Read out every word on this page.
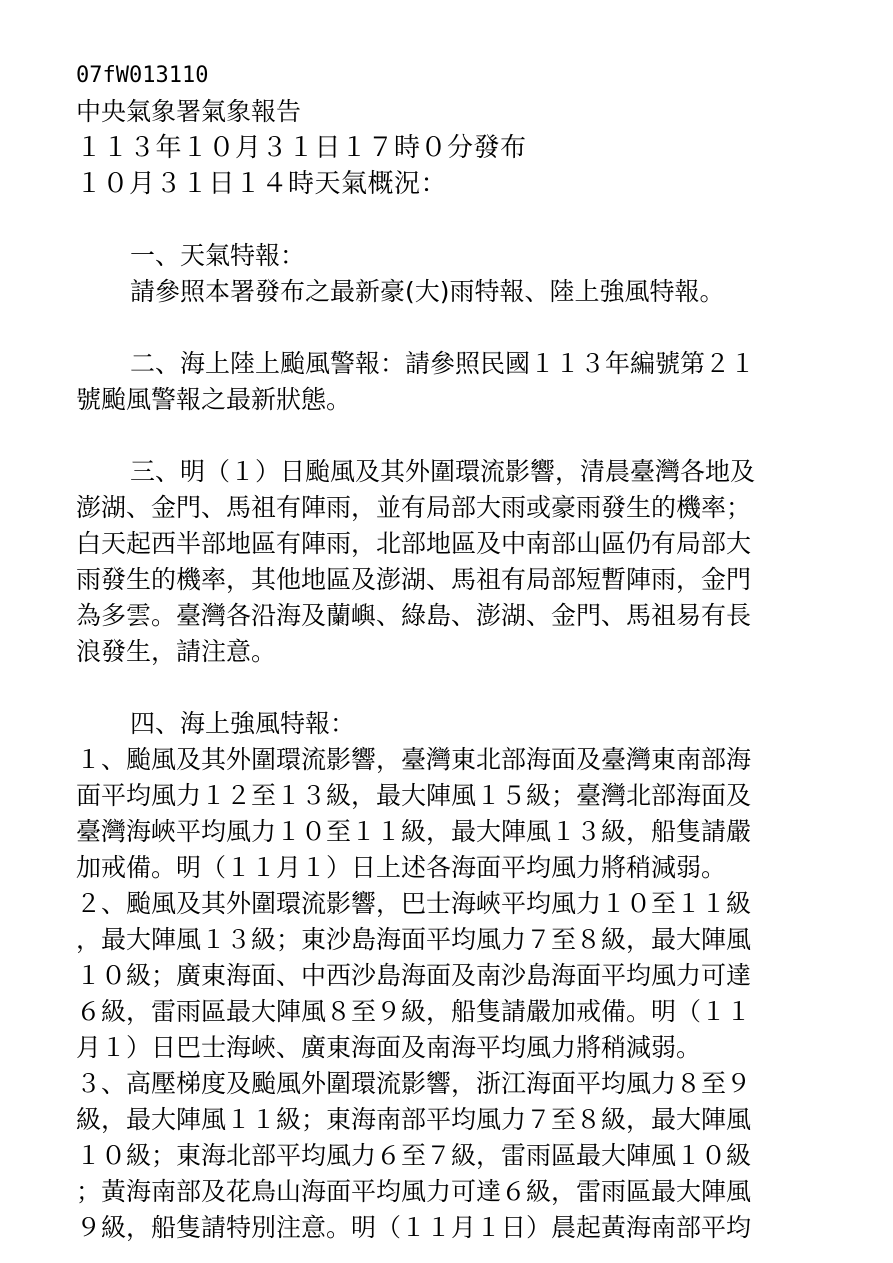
07fW013110
中央氣象署氣象報告
１１３年１０月３１日１７時０分發布
１０月３１日１４時天氣概況：
一、天氣特報：
請參照本署發布之最新豪(大)雨特報、陸上強風特報。
二、海上陸上颱風警報：請參照民國１１３年編號第２１
號颱風警報之最新狀態。
三、明（１）日颱風及其外圍環流影響，清晨臺灣各地及
澎湖、金門、馬祖有陣雨，並有局部大雨或豪雨發生的機率；
白天起西半部地區有陣雨，北部地區及中南部山區仍有局部大
雨發生的機率，其他地區及澎湖、馬祖有局部短暫陣雨，金門
為多雲。臺灣各沿海及蘭嶼、綠島、澎湖、金門、馬祖易有長
浪發生，請注意。
四、海上強風特報：
１、颱風及其外圍環流影響，臺灣東北部海面及臺灣東南部海
面平均風力１２至１３級，最大陣風１５級；臺灣北部海面及
臺灣海峽平均風力１０至１１級，最大陣風１３級，船隻請嚴
加戒備。明（１１月１）日上述各海面平均風力將稍減弱。
２、颱風及其外圍環流影響，巴士海峽平均風力１０至１１級
，最大陣風１３級；東沙島海面平均風力７至８級，最大陣風
１０級；廣東海面、中西沙島海面及南沙島海面平均風力可達
６級，雷雨區最大陣風８至９級，船隻請嚴加戒備。明（１１
月１）日巴士海峽、廣東海面及南海平均風力將稍減弱。
３、高壓梯度及颱風外圍環流影響，浙江海面平均風力８至９
級，最大陣風１１級；東海南部平均風力７至８級，最大陣風
１０級；東海北部平均風力６至７級，雷雨區最大陣風１０級
；黃海南部及花鳥山海面平均風力可達６級，雷雨區最大陣風
９級，船隻請特別注意。明（１１月１日）晨起黃海南部平均
